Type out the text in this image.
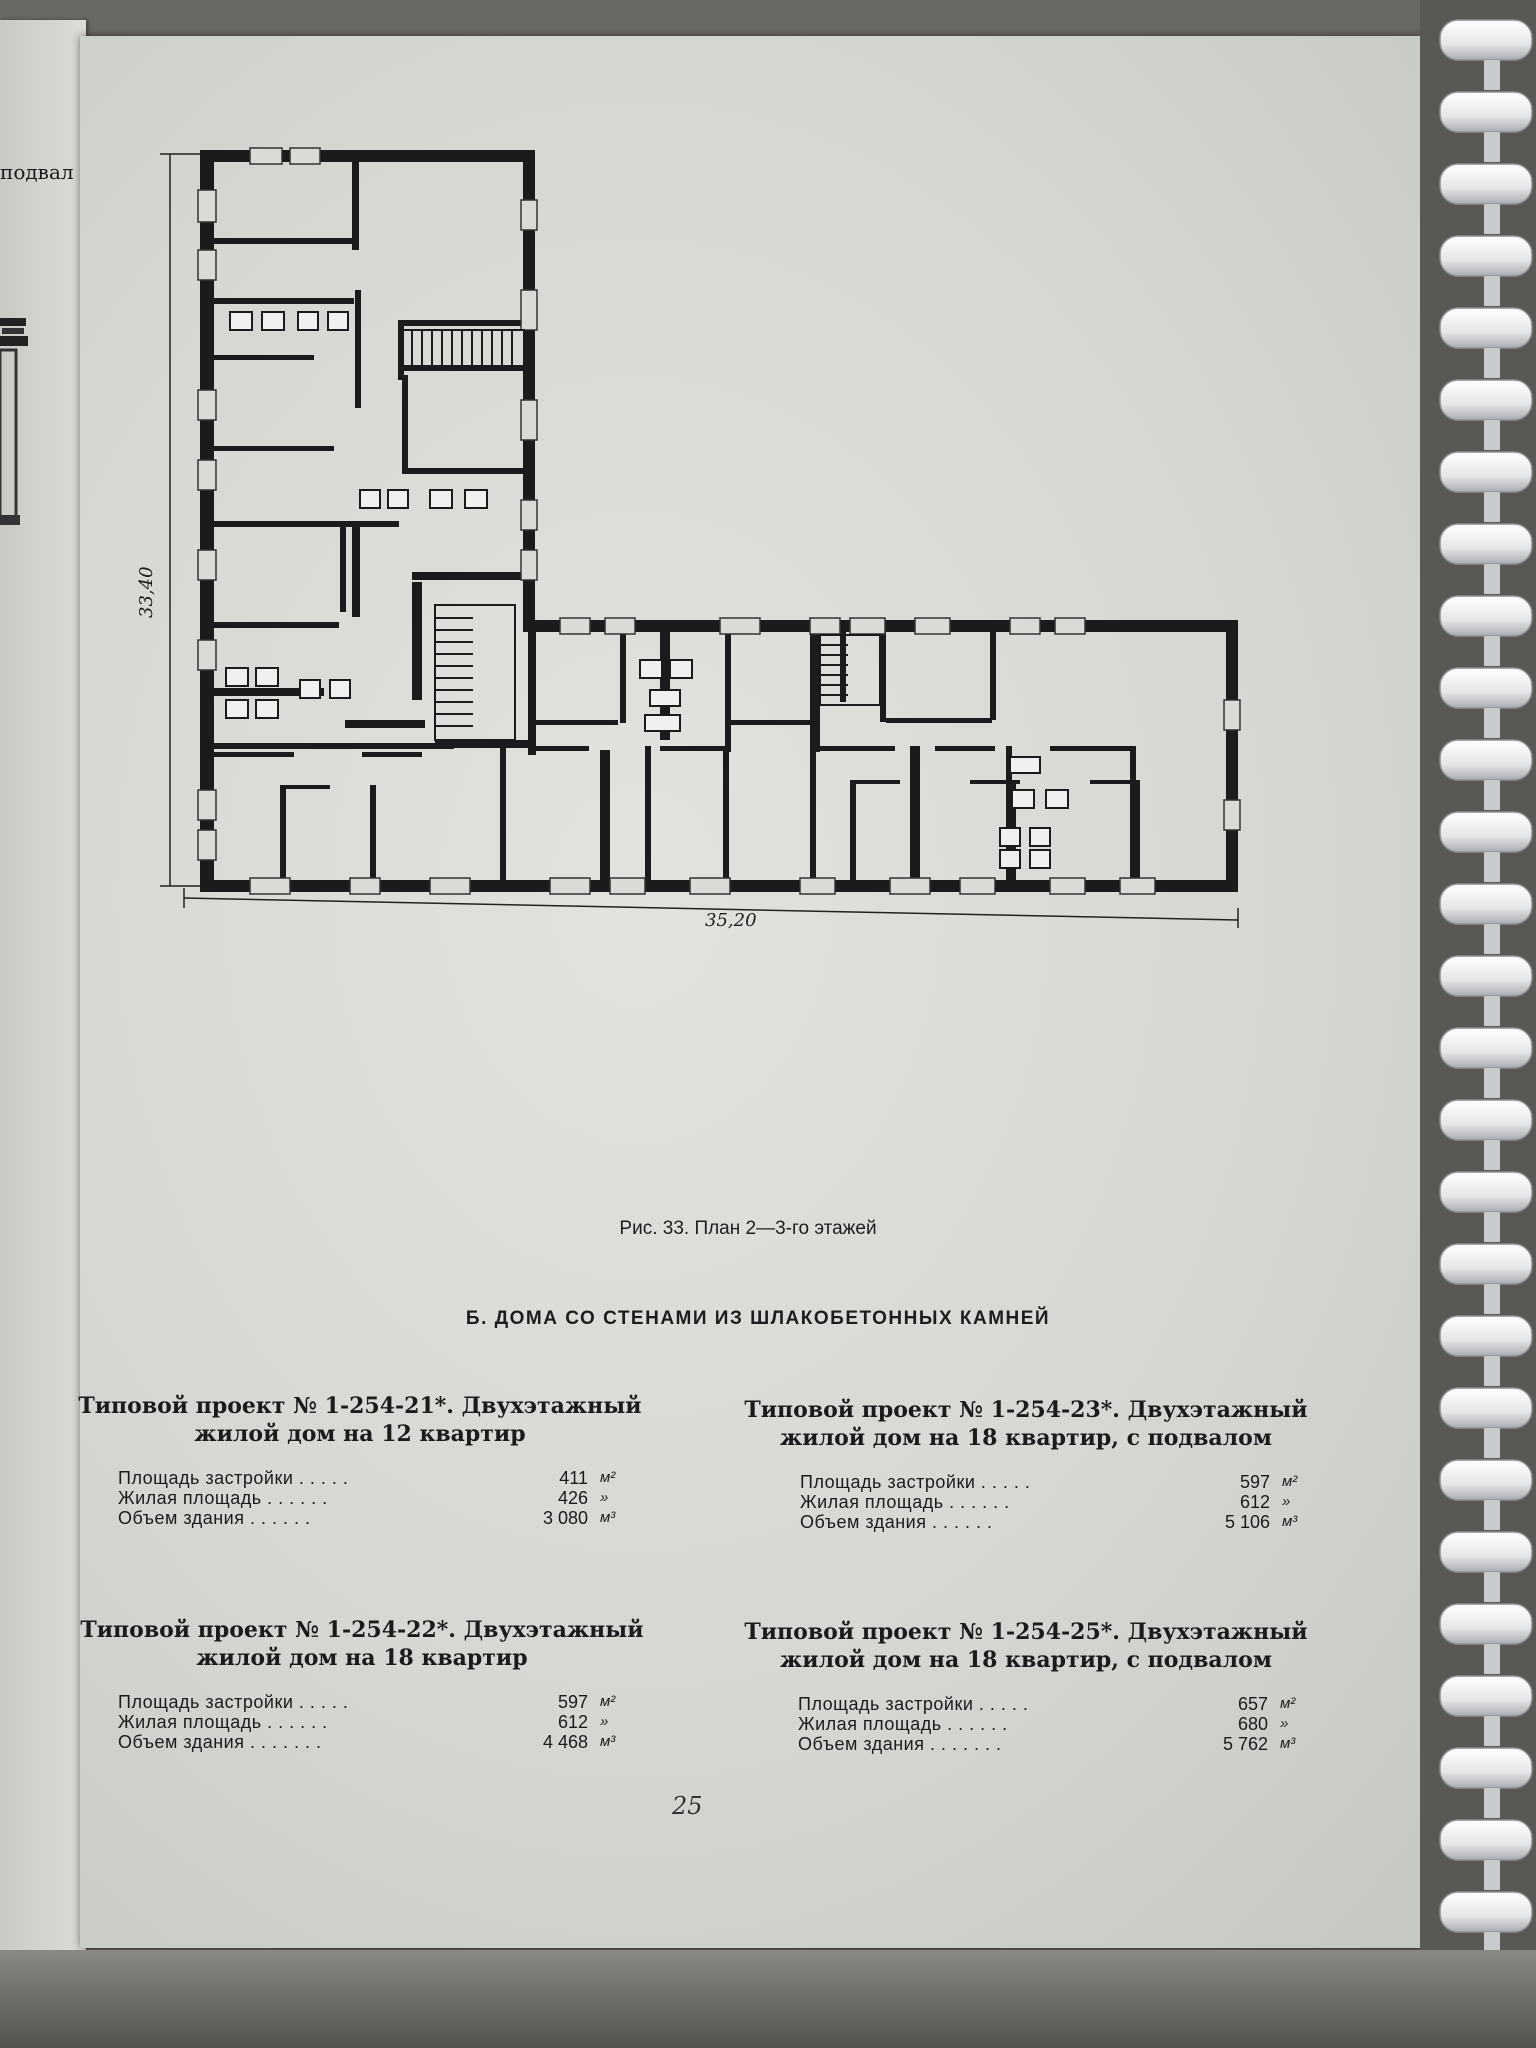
подвал
33,40
35,20
Рис. 33. План 2—3-го этажей
Б. ДОМА СО СТЕНАМИ ИЗ ШЛАКОБЕТОННЫХ КАМНЕЙ
Типовой проект № 1-254-21*. Двухэтажный
жилой дом на 12 квартир
Площадь застройки . . . . .	411	м²
Жилая площадь . . . . . .	426	»
Объем здания . . . . . .	3 080	м³
Типовой проект № 1-254-23*. Двухэтажный
жилой дом на 18 квартир, с подвалом
Площадь застройки . . . . .	597	м²
Жилая площадь . . . . . .	612	»
Объем здания . . . . . .	5 106	м³
Типовой проект № 1-254-22*. Двухэтажный
жилой дом на 18 квартир
Площадь застройки . . . . .	597	м²
Жилая площадь . . . . . .	612	»
Объем здания . . . . . . .	4 468	м³
Типовой проект № 1-254-25*. Двухэтажный
жилой дом на 18 квартир, с подвалом
Площадь застройки . . . . .	657	м²
Жилая площадь . . . . . .	680	»
Объем здания . . . . . . .	5 762	м³
25
